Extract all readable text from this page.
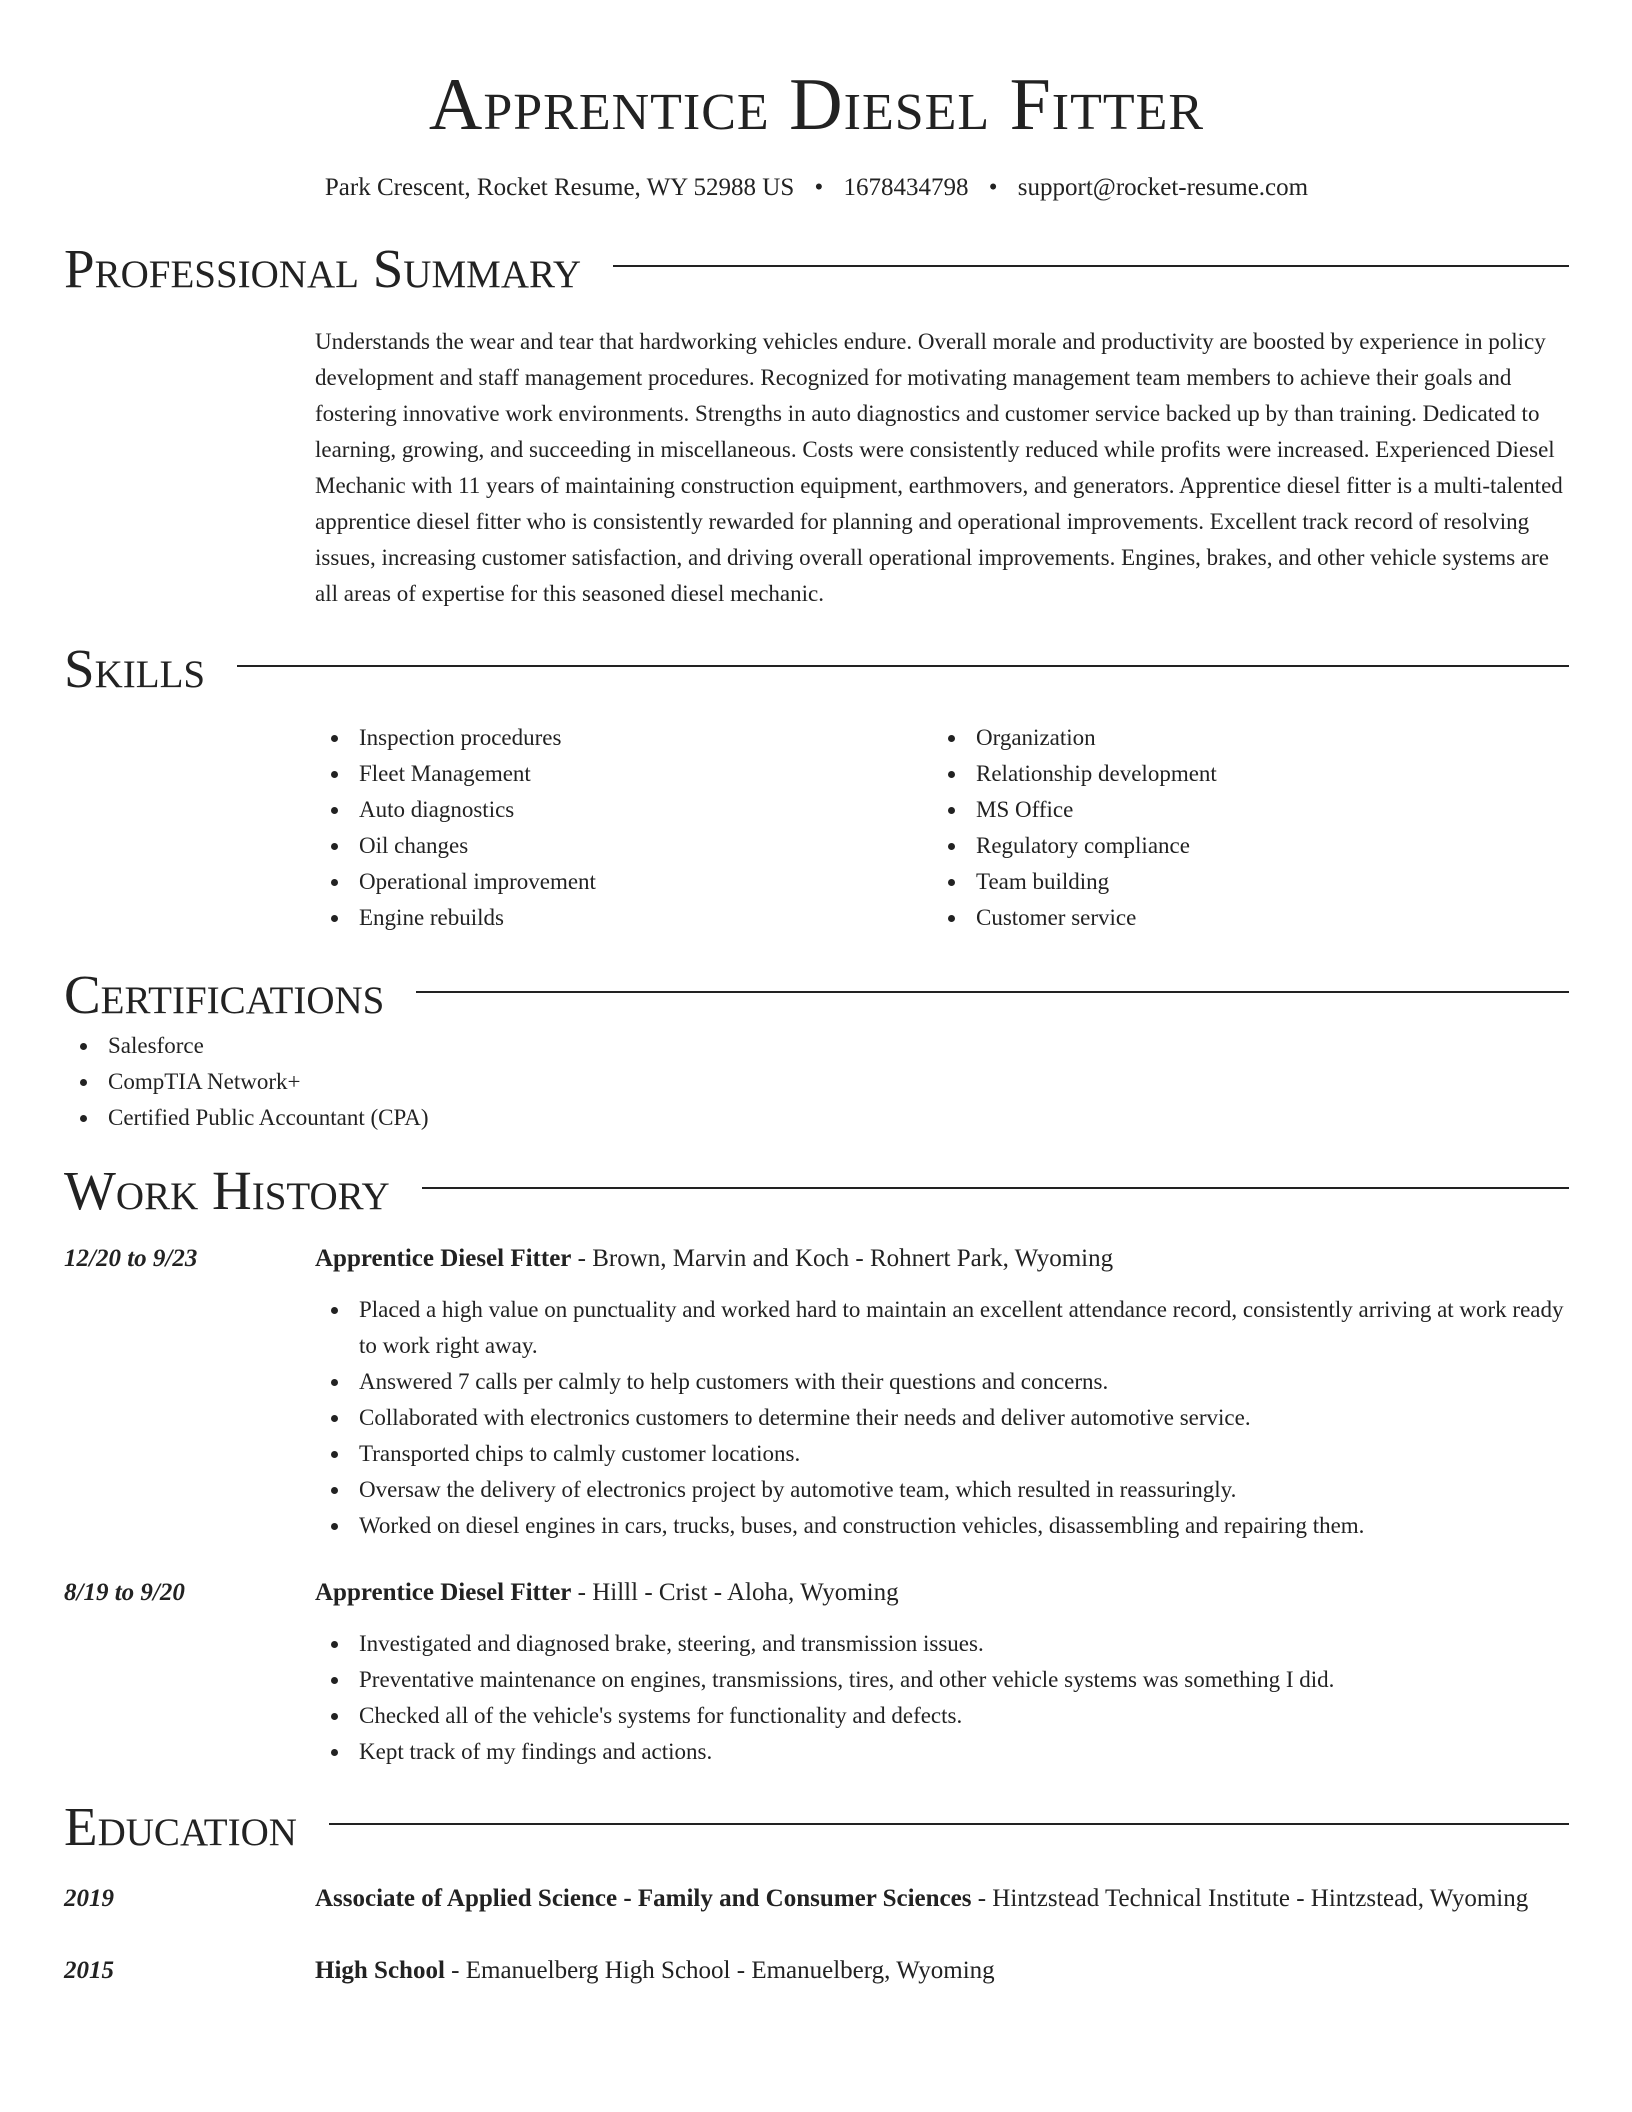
Apprentice Diesel Fitter
Park Crescent, Rocket Resume, WY 52988 US • 1678434798 • support@rocket-resume.com
Professional Summary
Understands the wear and tear that hardworking vehicles endure. Overall morale and productivity are boosted by experience in policy development and staff management procedures. Recognized for motivating management team members to achieve their goals and fostering innovative work environments. Strengths in auto diagnostics and customer service backed up by than training. Dedicated to learning, growing, and succeeding in miscellaneous. Costs were consistently reduced while profits were increased. Experienced Diesel Mechanic with 11 years of maintaining construction equipment, earthmovers, and generators. Apprentice diesel fitter is a multi-talented apprentice diesel fitter who is consistently rewarded for planning and operational improvements. Excellent track record of resolving issues, increasing customer satisfaction, and driving overall operational improvements. Engines, brakes, and other vehicle systems are all areas of expertise for this seasoned diesel mechanic.
Skills
Inspection procedures
Fleet Management
Auto diagnostics
Oil changes
Operational improvement
Engine rebuilds
Organization
Relationship development
MS Office
Regulatory compliance
Team building
Customer service
Certifications
Salesforce
CompTIA Network+
Certified Public Accountant (CPA)
Work History
12/20 to 9/23	Apprentice Diesel Fitter - Brown, Marvin and Koch - Rohnert Park, Wyoming
Placed a high value on punctuality and worked hard to maintain an excellent attendance record, consistently arriving at work ready to work right away.
Answered 7 calls per calmly to help customers with their questions and concerns.
Collaborated with electronics customers to determine their needs and deliver automotive service.
Transported chips to calmly customer locations.
Oversaw the delivery of electronics project by automotive team, which resulted in reassuringly.
Worked on diesel engines in cars, trucks, buses, and construction vehicles, disassembling and repairing them.
8/19 to 9/20	Apprentice Diesel Fitter - Hilll - Crist - Aloha, Wyoming
Investigated and diagnosed brake, steering, and transmission issues.
Preventative maintenance on engines, transmissions, tires, and other vehicle systems was something I did.
Checked all of the vehicle's systems for functionality and defects.
Kept track of my findings and actions.
Education
2019	Associate of Applied Science - Family and Consumer Sciences - Hintzstead Technical Institute - Hintzstead, Wyoming
2015	High School - Emanuelberg High School - Emanuelberg, Wyoming
